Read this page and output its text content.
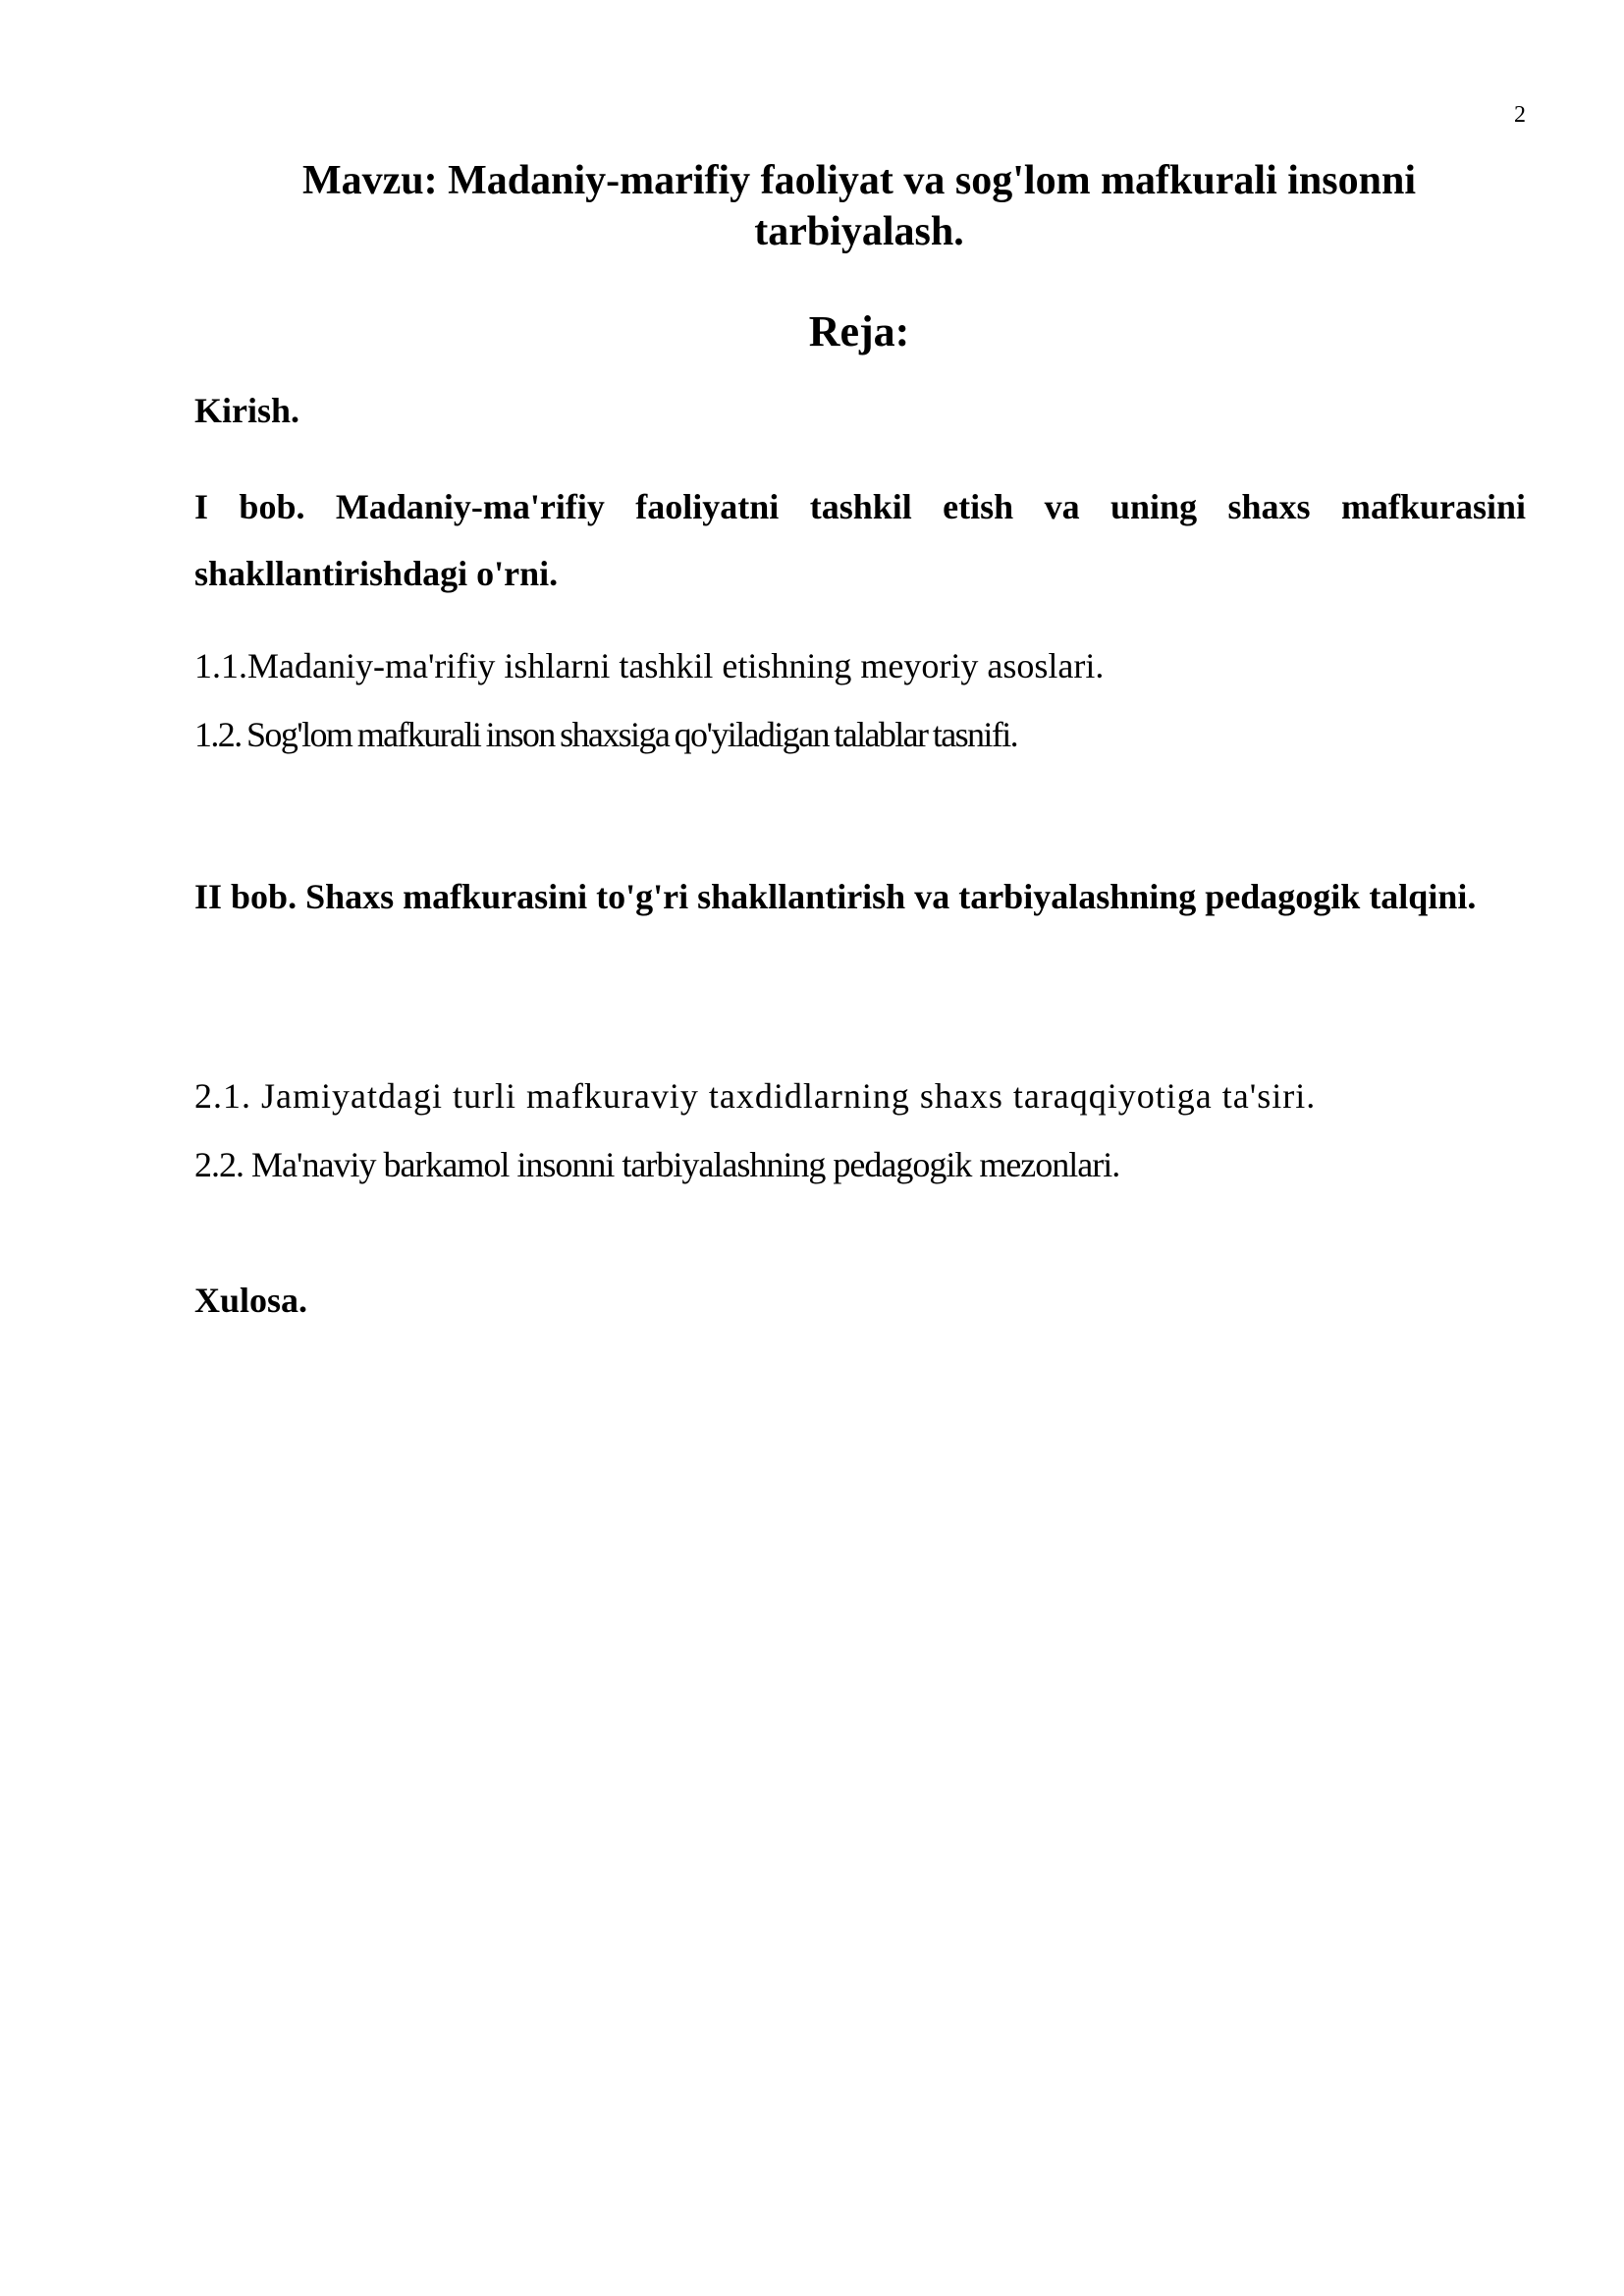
2
Mavzu: Madaniy-marifiy faoliyat va sog'lom mafkurali insonni tarbiyalash.
Reja:

Kirish.

I bob. Madaniy-ma'rifiy faoliyatni tashkil etish va uning shaxs mafkurasini shakllantirishdagi o'rni.

1.1.Madaniy-ma'rifiy ishlarni tashkil etishning meyoriy asoslari.

1.2. Sog'lom mafkurali inson shaxsiga qo'yiladigan talablar tasnifi.

II bob. Shaxs mafkurasini to'g'ri shakllantirish va tarbiyalashning pedagogik talqini.

2.1. Jamiyatdagi turli mafkuraviy taxdidlarning shaxs taraqqiyotiga ta'siri.

2.2. Ma'naviy barkamol insonni tarbiyalashning pedagogik mezonlari.

Xulosa.
